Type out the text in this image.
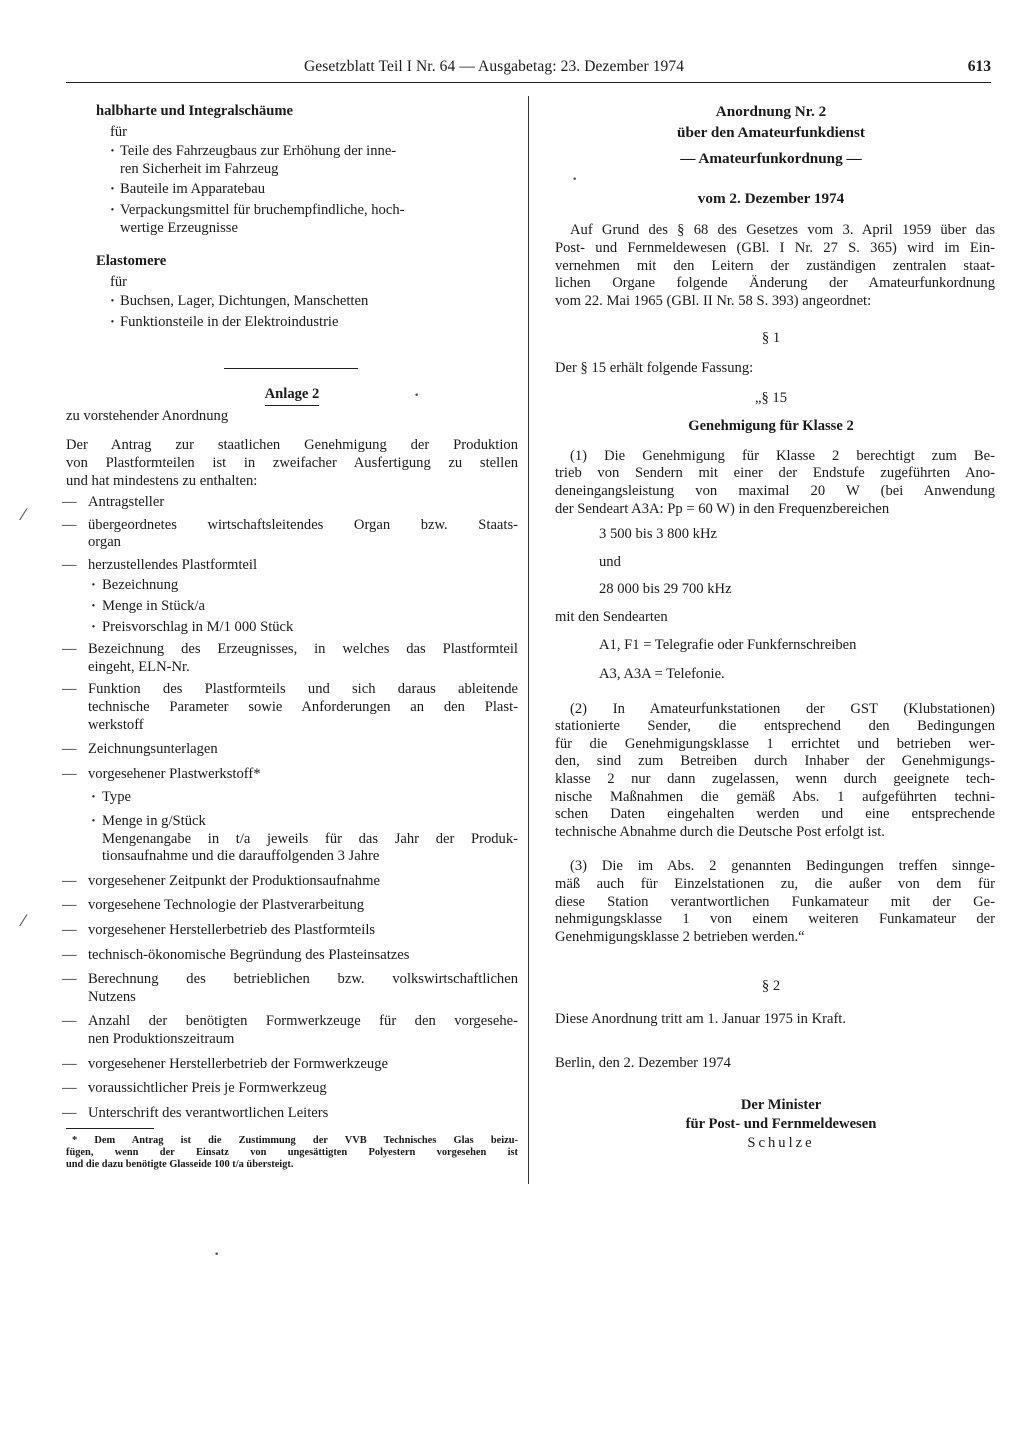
Gesetzblatt Teil I Nr. 64 — Ausgabetag: 23. Dezember 1974	613
halbharte und Integralschäume
für
· Teile des Fahrzeugbaus zur Erhöhung der inne-
ren Sicherheit im Fahrzeug
· Bauteile im Apparatebau
· Verpackungsmittel für bruchempfindliche, hoch-
wertige Erzeugnisse
Elastomere
für
· Buchsen, Lager, Dichtungen, Manschetten
· Funktionsteile in der Elektroindustrie
Anlage 2
zu vorstehender Anordnung
Der Antrag zur staatlichen Genehmigung der Produktion
von Plastformteilen ist in zweifacher Ausfertigung zu stellen
und hat mindestens zu enthalten:
— Antragsteller
— übergeordnetes wirtschaftsleitendes Organ bzw. Staats-
organ
— herzustellendes Plastformteil
· Bezeichnung
· Menge in Stück/a
· Preisvorschlag in M/1 000 Stück
— Bezeichnung des Erzeugnisses, in welches das Plastformteil
eingeht, ELN-Nr.
— Funktion des Plastformteils und sich daraus ableitende
technische Parameter sowie Anforderungen an den Plast-
werkstoff
— Zeichnungsunterlagen
— vorgesehener Plastwerkstoff*
· Type
· Menge in g/Stück
Mengenangabe in t/a jeweils für das Jahr der Produk-
tionsaufnahme und die darauffolgenden 3 Jahre
— vorgesehener Zeitpunkt der Produktionsaufnahme
— vorgesehene Technologie der Plastverarbeitung
— vorgesehener Herstellerbetrieb des Plastformteils
— technisch-ökonomische Begründung des Plasteinsatzes
— Berechnung des betrieblichen bzw. volkswirtschaftlichen
Nutzens
— Anzahl der benötigten Formwerkzeuge für den vorgesehe-
nen Produktionszeitraum
— vorgesehener Herstellerbetrieb der Formwerkzeuge
— voraussichtlicher Preis je Formwerkzeug
— Unterschrift des verantwortlichen Leiters
* Dem Antrag ist die Zustimmung der VVB Technisches Glas beizu-
fügen, wenn der Einsatz von ungesättigten Polyestern vorgesehen ist
und die dazu benötigte Glasseide 100 t/a übersteigt.
Anordnung Nr. 2
über den Amateurfunkdienst
— Amateurfunkordnung —
vom 2. Dezember 1974
Auf Grund des § 68 des Gesetzes vom 3. April 1959 über das
Post- und Fernmeldewesen (GBl. I Nr. 27 S. 365) wird im Ein-
vernehmen mit den Leitern der zuständigen zentralen staat-
lichen Organe folgende Änderung der Amateurfunkordnung
vom 22. Mai 1965 (GBl. II Nr. 58 S. 393) angeordnet:
§ 1
Der § 15 erhält folgende Fassung:
„§ 15
Genehmigung für Klasse 2
(1) Die Genehmigung für Klasse 2 berechtigt zum Be-
trieb von Sendern mit einer der Endstufe zugeführten Ano-
deneingangsleistung von maximal 20 W (bei Anwendung
der Sendeart A3A: Pp = 60 W) in den Frequenzbereichen
3 500 bis 3 800 kHz
und
28 000 bis 29 700 kHz
mit den Sendearten
A1, F1 = Telegrafie oder Funkfernschreiben
A3, A3A = Telefonie.
(2) In Amateurfunkstationen der GST (Klubstationen)
stationierte Sender, die entsprechend den Bedingungen
für die Genehmigungsklasse 1 errichtet und betrieben wer-
den, sind zum Betreiben durch Inhaber der Genehmigungs-
klasse 2 nur dann zugelassen, wenn durch geeignete tech-
nische Maßnahmen die gemäß Abs. 1 aufgeführten techni-
schen Daten eingehalten werden und eine entsprechende
technische Abnahme durch die Deutsche Post erfolgt ist.
(3) Die im Abs. 2 genannten Bedingungen treffen sinnge-
mäß auch für Einzelstationen zu, die außer von dem für
diese Station verantwortlichen Funkamateur mit der Ge-
nehmigungsklasse 1 von einem weiteren Funkamateur der
Genehmigungsklasse 2 betrieben werden.“
§ 2
Diese Anordnung tritt am 1. Januar 1975 in Kraft.
Berlin, den 2. Dezember 1974
Der Minister
für Post- und Fernmeldewesen
Schulze
⁄
⁄
•
•
•
